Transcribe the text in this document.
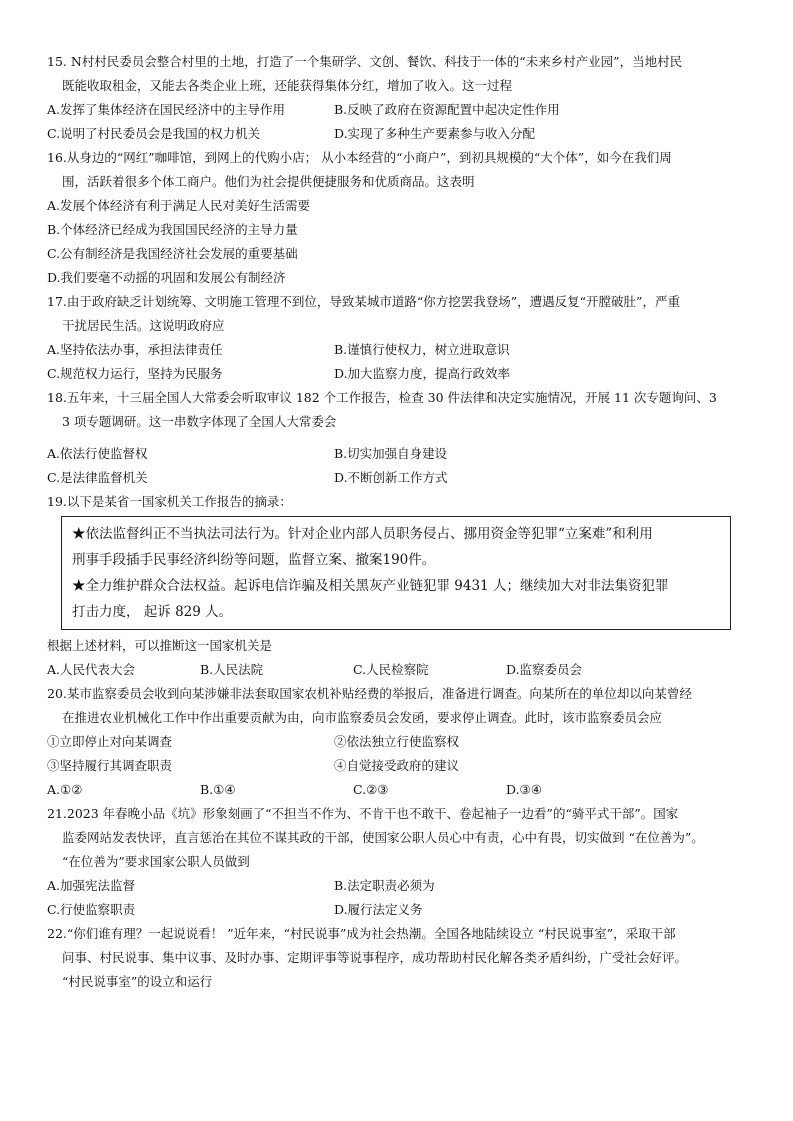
15. N村村民委员会整合村里的土地，打造了一个集研学、文创、餐饮、科技于一体的“未来乡村产业园”，当地村民
既能收取租金，又能去各类企业上班，还能获得集体分红，增加了收入。这一过程

A.发挥了集体经济在国民经济中的主导作用	B.反映了政府在资源配置中起决定性作用
C.说明了村民委员会是我国的权力机关	D.实现了多种生产要素参与收入分配

16.从身边的“网红”咖啡馆，到网上的代购小店； 从小本经营的“小商户”，到初具规模的“大个体”，如今在我们周
围，活跃着很多个体工商户。他们为社会提供便捷服务和优质商品。这表明

A.发展个体经济有利于满足人民对美好生活需要
B.个体经济已经成为我国国民经济的主导力量
C.公有制经济是我国经济社会发展的重要基础
D.我们要毫不动摇的巩固和发展公有制经济

17.由于政府缺乏计划统筹、文明施工管理不到位，导致某城市道路“你方挖罢我登场”，遭遇反复“开膛破肚”，严重
干扰居民生活。这说明政府应

A.坚持依法办事，承担法律责任	B.谨慎行使权力，树立进取意识
C.规范权力运行，坚持为民服务	D.加大监察力度，提高行政效率

18.五年来，十三届全国人大常委会听取审议 182 个工作报告，检查 30 件法律和决定实施情况，开展 11 次专题询问、3
3 项专题调研。这一串数字体现了全国人大常委会

A.依法行使监督权	B.切实加强自身建设
C.是法律监督机关	D.不断创新工作方式

19.以下是某省一国家机关工作报告的摘录：

★依法监督纠正不当执法司法行为。针对企业内部人员职务侵占、挪用资金等犯罪“立案难”和利用

刑事手段插手民事经济纠纷等问题，监督立案、撤案190件。

★全力维护群众合法权益。起诉电信诈骗及相关黑灰产业链犯罪 9431 人；继续加大对非法集资犯罪

打击力度， 起诉 829 人。

根据上述材料，可以推断这一国家机关是

A.人民代表大会	B.人民法院	C.人民检察院	D.监察委员会

20.某市监察委员会收到向某涉嫌非法套取国家农机补贴经费的举报后，准备进行调查。向某所在的单位却以向某曾经
在推进农业机械化工作中作出重要贡献为由，向市监察委员会发函，要求停止调查。此时，该市监察委员会应

①立即停止对向某调查	②依法独立行使监察权
③坚持履行其调查职责	④自觉接受政府的建议
A.①②	B.①④	C.②③	D.③④

21.2023 年春晚小品《坑》形象刻画了“不担当不作为、不肯干也不敢干、卷起袖子一边看”的“骑平式干部”。国家
监委网站发表快评，直言惩治在其位不谋其政的干部，使国家公职人员心中有责，心中有畏，切实做到 “在位善为”。
“在位善为”要求国家公职人员做到

A.加强宪法监督	B.法定职责必须为
C.行使监察职责	D.履行法定义务

22.“你们谁有理？一起说说看！ ”近年来，“村民说事”成为社会热潮。全国各地陆续设立 “村民说事室”，采取干部
问事、村民说事、集中议事、及时办事、定期评事等说事程序，成功帮助村民化解各类矛盾纠纷，广受社会好评。
“村民说事室”的设立和运行
